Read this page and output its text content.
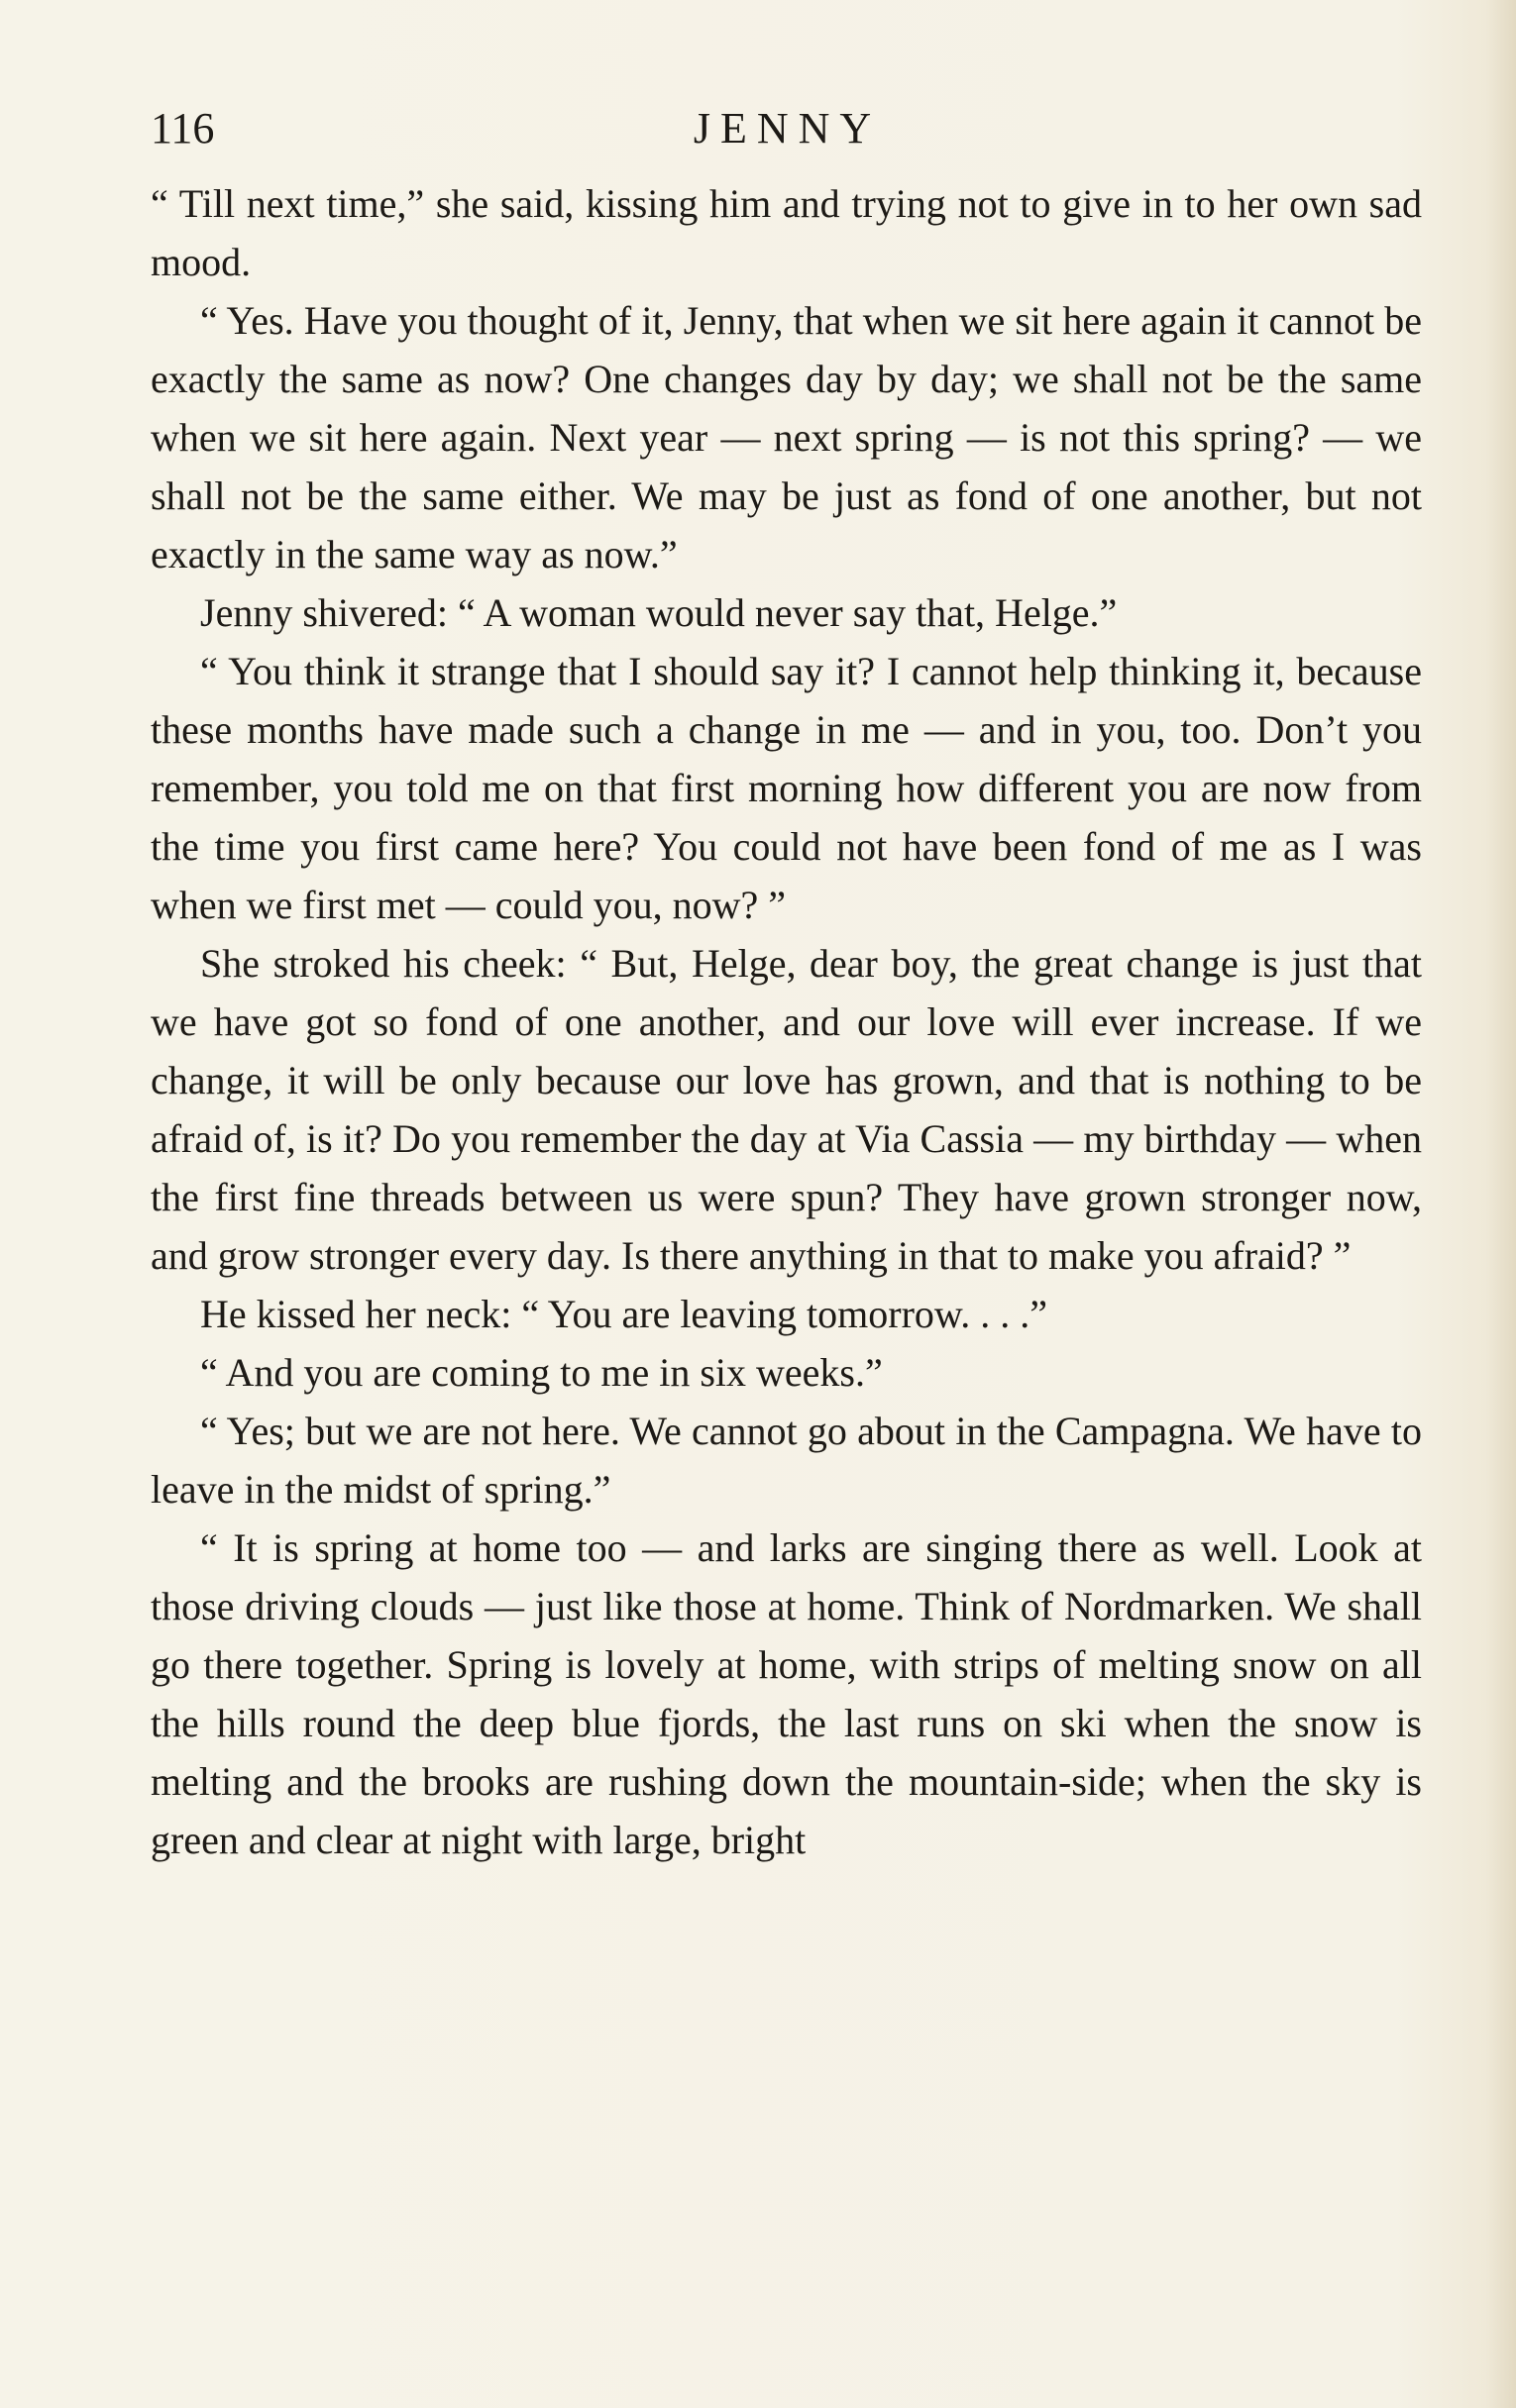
116	JENNY

“ Till next time,” she said, kissing him and trying not to give in to her own sad mood.

“ Yes. Have you thought of it, Jenny, that when we sit here again it cannot be exactly the same as now? One changes day by day; we shall not be the same when we sit here again. Next year — next spring — is not this spring? — we shall not be the same either. We may be just as fond of one another, but not exactly in the same way as now.”

Jenny shivered: “ A woman would never say that, Helge.”

“ You think it strange that I should say it? I cannot help thinking it, because these months have made such a change in me — and in you, too. Don’t you remember, you told me on that first morning how different you are now from the time you first came here? You could not have been fond of me as I was when we first met — could you, now? ”

She stroked his cheek: “ But, Helge, dear boy, the great change is just that we have got so fond of one another, and our love will ever increase. If we change, it will be only because our love has grown, and that is nothing to be afraid of, is it? Do you remember the day at Via Cassia — my birthday — when the first fine threads between us were spun? They have grown stronger now, and grow stronger every day. Is there anything in that to make you afraid? ”

He kissed her neck: “ You are leaving tomorrow. . . .”

“ And you are coming to me in six weeks.”

“ Yes; but we are not here. We cannot go about in the Campagna. We have to leave in the midst of spring.”

“ It is spring at home too — and larks are singing there as well. Look at those driving clouds — just like those at home. Think of Nordmarken. We shall go there together. Spring is lovely at home, with strips of melting snow on all the hills round the deep blue fjords, the last runs on ski when the snow is melting and the brooks are rushing down the mountain-side; when the sky is green and clear at night with large, bright
